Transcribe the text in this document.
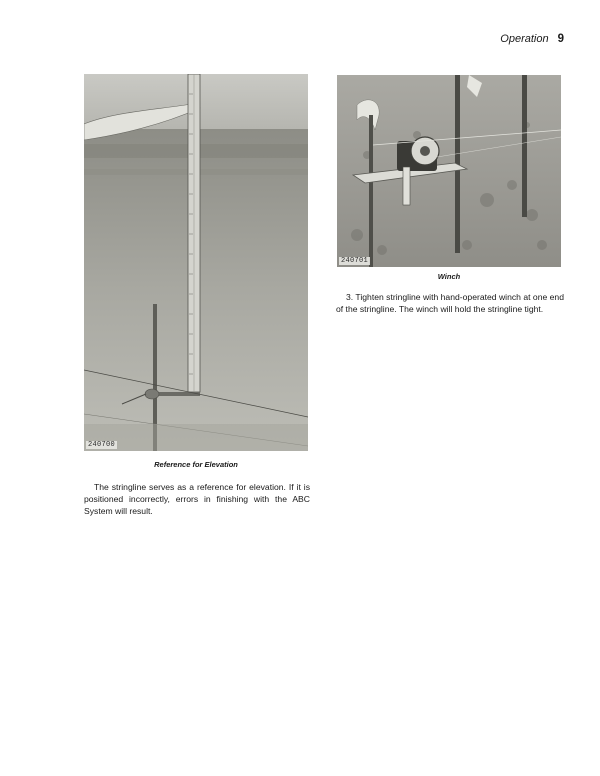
Operation 9
240700
Reference for Elevation
240701
Winch

The stringline serves as a reference for elevation. If it is positioned incorrectly, errors in finishing with the ABC System will result.

3. Tighten stringline with hand-operated winch at one end of the stringline. The winch will hold the stringline tight.
